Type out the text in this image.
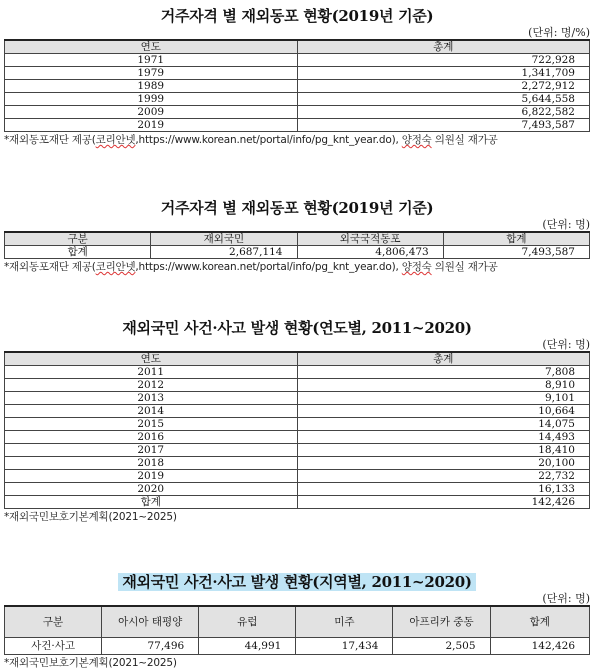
거주자격 별 재외동포 현황(2019년 기준)
(단위: 명/%)
연도	총계
1971	722,928
1979	1,341,709
1989	2,272,912
1999	5,644,558
2009	6,822,582
2019	7,493,587
*재외동포재단 제공(코리안넷,https://www.korean.net/portal/info/pg_knt_year.do), 양정숙 의원실 재가공
거주자격 별 재외동포 현황(2019년 기준)
(단위: 명)
구분	재외국민	외국국적동포	합계
합계	2,687,114	4,806,473	7,493,587
*재외동포재단 제공(코리안넷,https://www.korean.net/portal/info/pg_knt_year.do), 양정숙 의원실 재가공
재외국민 사건·사고 발생 현황(연도별, 2011~2020)
(단위: 명)
연도	총계
2011	7,808
2012	8,910
2013	9,101
2014	10,664
2015	14,075
2016	14,493
2017	18,410
2018	20,100
2019	22,732
2020	16,133
합계	142,426
*재외국민보호기본계획(2021~2025)
재외국민 사건·사고 발생 현황(지역별, 2011~2020)
(단위: 명)
구분	아시아 태평양	유럽	미주	아프리카 중동	합계
사건·사고	77,496	44,991	17,434	2,505	142,426
*재외국민보호기본계획(2021~2025)
